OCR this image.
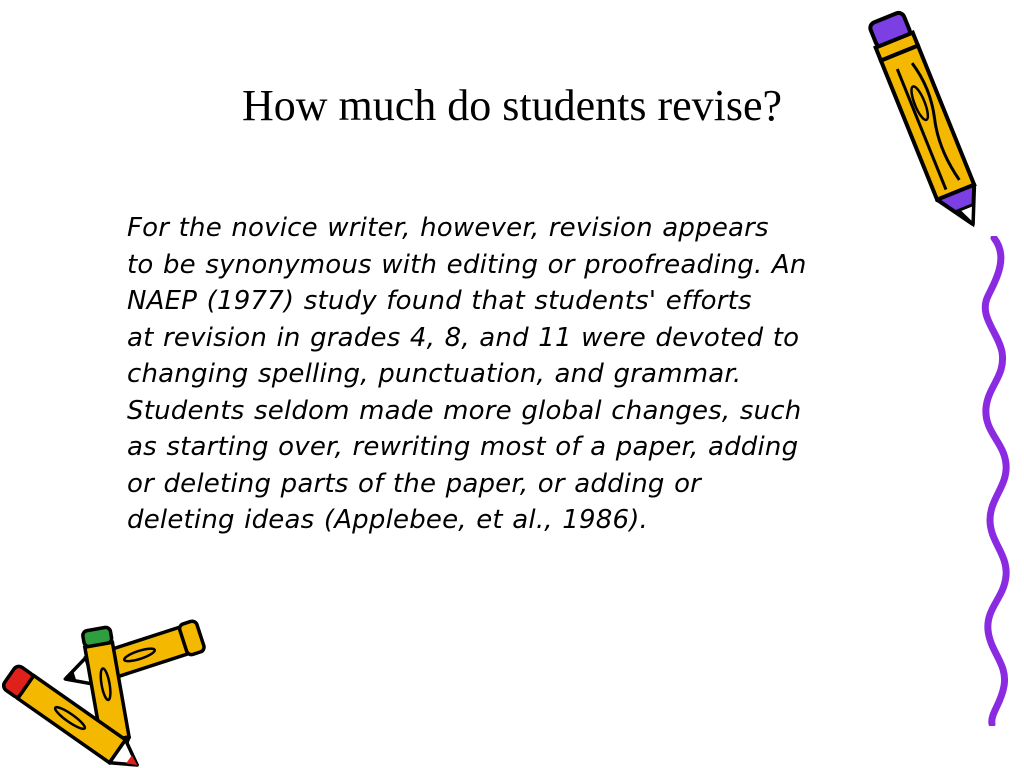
How much do students revise?
For the novice writer, however, revision appears
to be synonymous with editing or proofreading. An
NAEP (1977) study found that students' efforts
at revision in grades 4, 8, and 11 were devoted to
changing spelling, punctuation, and grammar.
Students seldom made more global changes, such
as starting over, rewriting most of a paper, adding
or deleting parts of the paper, or adding or
deleting ideas (Applebee, et al., 1986).
